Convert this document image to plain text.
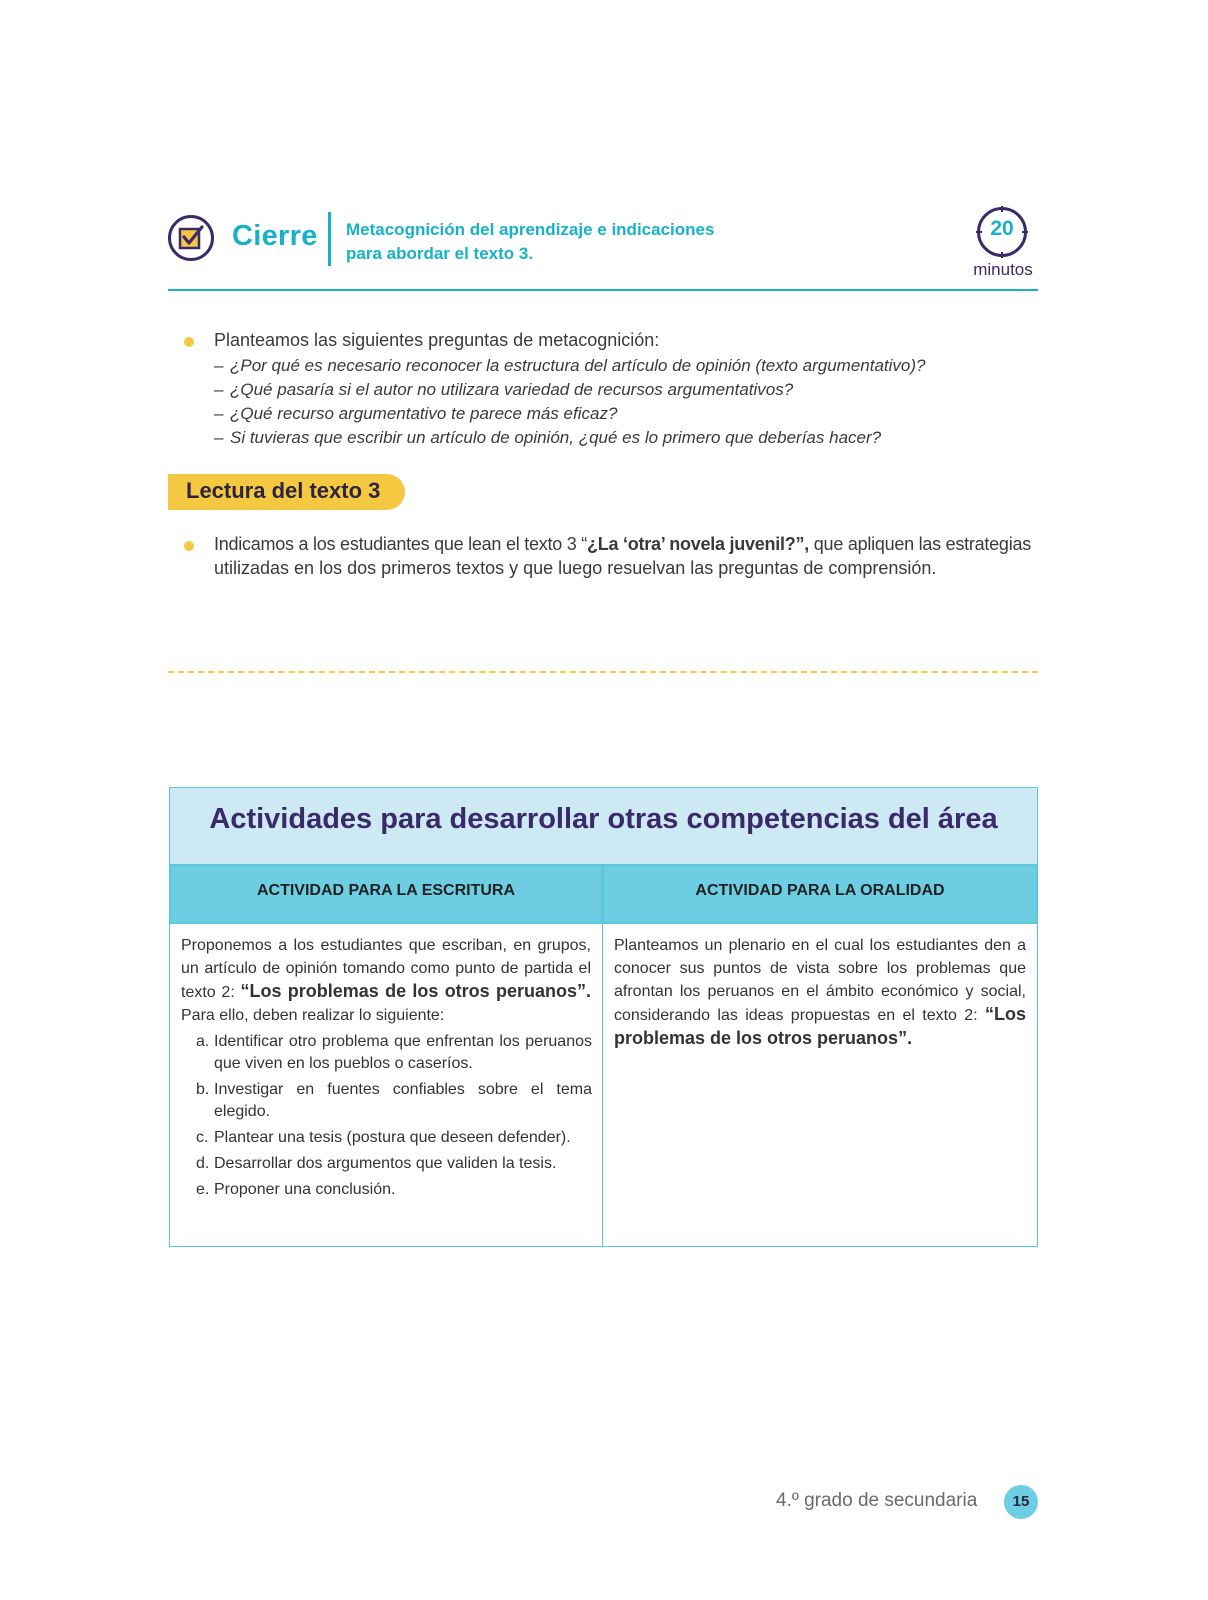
Cierre Metacognición del aprendizaje e indicaciones
para abordar el texto 3.
20
minutos
Planteamos las siguientes preguntas de metacognición:
– ¿Por qué es necesario reconocer la estructura del artículo de opinión (texto argumentativo)?
– ¿Qué pasaría si el autor no utilizara variedad de recursos argumentativos?
– ¿Qué recurso argumentativo te parece más eficaz?
– Si tuvieras que escribir un artículo de opinión, ¿qué es lo primero que deberías hacer?
Lectura del texto 3
Indicamos a los estudiantes que lean el texto 3 “¿La ‘otra’ novela juvenil?”, que apliquen las estrategias
utilizadas en los dos primeros textos y que luego resuelvan las preguntas de comprensión.
Actividades para desarrollar otras competencias del área
ACTIVIDAD PARA LA ESCRITURA	ACTIVIDAD PARA LA ORALIDAD
Proponemos a los estudiantes que escriban, en grupos, un artículo de opinión tomando como punto de partida el texto 2: “Los problemas de los otros peruanos”. Para ello, deben realizar lo siguiente:
a. Identificar otro problema que enfrentan los peruanos que viven en los pueblos o caseríos.
b. Investigar en fuentes confiables sobre el tema elegido.
c. Plantear una tesis (postura que deseen defender).
d. Desarrollar dos argumentos que validen la tesis.
e. Proponer una conclusión.
Planteamos un plenario en el cual los estudiantes den a conocer sus puntos de vista sobre los problemas que afrontan los peruanos en el ámbito económico y social, considerando las ideas propuestas en el texto 2: “Los problemas de los otros peruanos”.
4.º grado de secundaria	15
